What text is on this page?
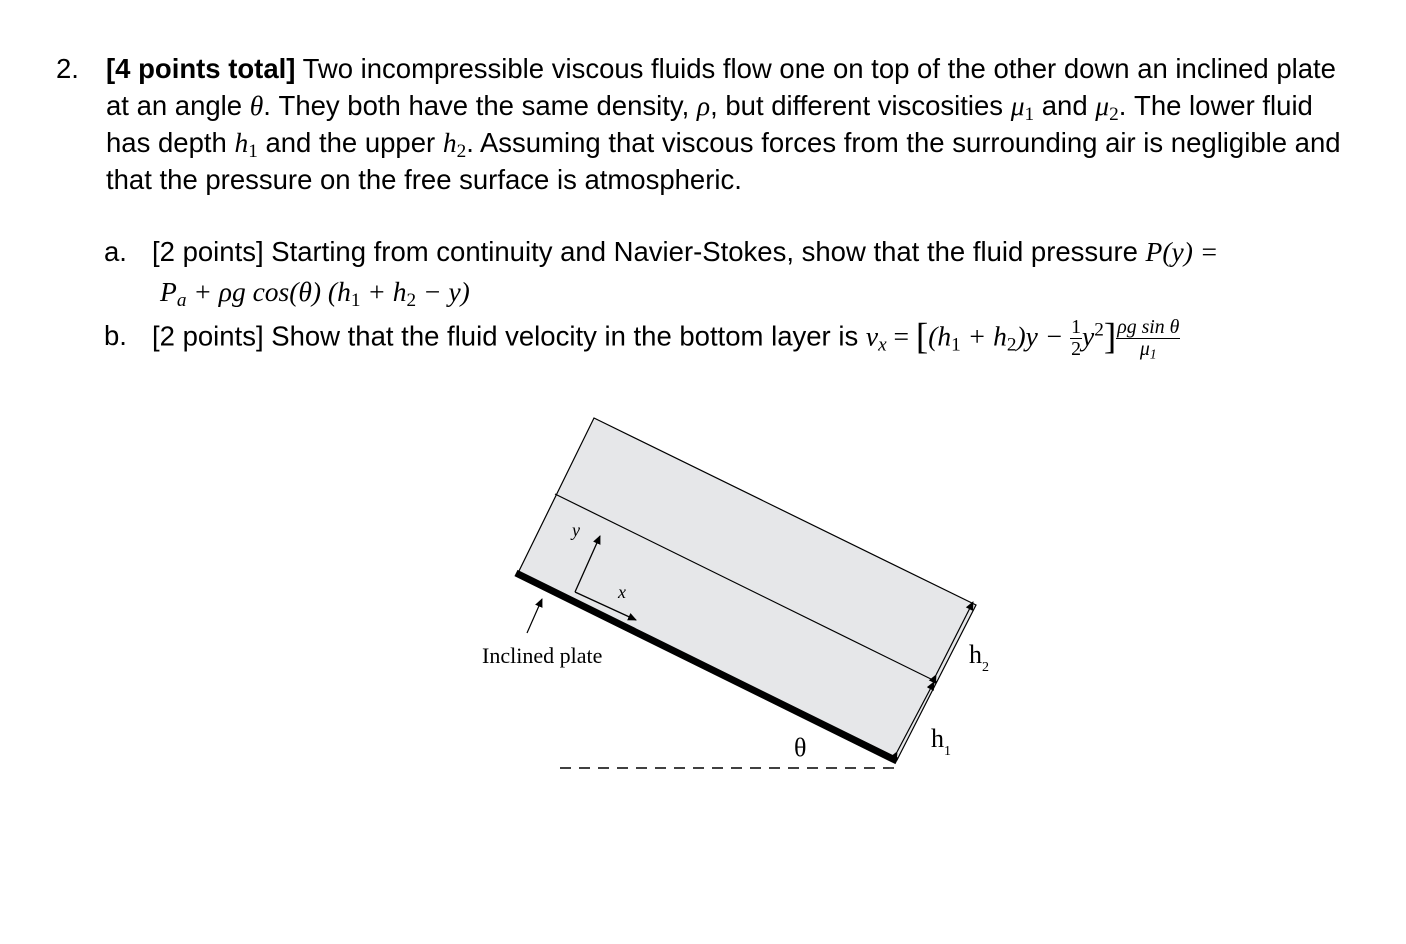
2. [4 points total] Two incompressible viscous fluids flow one on top of the other down an inclined plate at an angle θ. They both have the same density, ρ, but different viscosities $\mu_1$ and $\mu_2$. The lower fluid has depth $h_1$ and the upper $h_2$. Assuming that viscous forces from the surrounding air is negligible and that the pressure on the free surface is atmospheric.
a. [2 points] Starting from continuity and Navier-Stokes, show that the fluid pressure P(y) =
$P_a + \rho g$ cos(θ) $(h_1 + h_2 - y)$
b. [2 points] Show that the fluid velocity in the bottom layer is $v_x = [(h_1 + h_2)y - \frac{1}{2} y^2] \frac{\text{ρg sin θ}}{\mu_1}$
y
x
Inclined plate	$h_2$
$h_1$
θ
